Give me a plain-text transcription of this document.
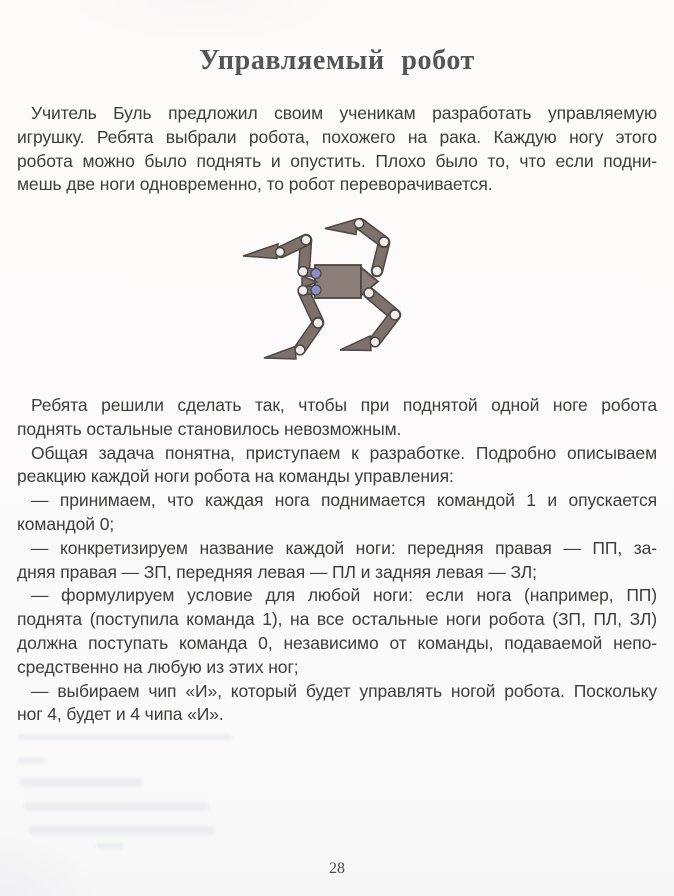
Управляемый робот
Учитель Буль предложил своим ученикам разработать управляемую
игрушку. Ребята выбрали робота, похожего на рака. Каждую ногу этого
робота можно было поднять и опустить. Плохо было то, что если подни-
мешь две ноги одновременно, то робот переворачивается.
Ребята решили сделать так, чтобы при поднятой одной ноге робота
поднять остальные становилось невозможным.
Общая задача понятна, приступаем к разработке. Подробно описываем
реакцию каждой ноги робота на команды управления:
— принимаем, что каждая нога поднимается командой 1 и опускается
командой 0;
— конкретизируем название каждой ноги: передняя правая — ПП, за-
дняя правая — ЗП, передняя левая — ПЛ и задняя левая — ЗЛ;
— формулируем условие для любой ноги: если нога (например, ПП)
поднята (поступила команда 1), на все остальные ноги робота (ЗП, ПЛ, ЗЛ)
должна поступать команда 0, независимо от команды, подаваемой непо-
средственно на любую из этих ног;
— выбираем чип «И», который будет управлять ногой робота. Поскольку
ног 4, будет и 4 чипа «И».
28
